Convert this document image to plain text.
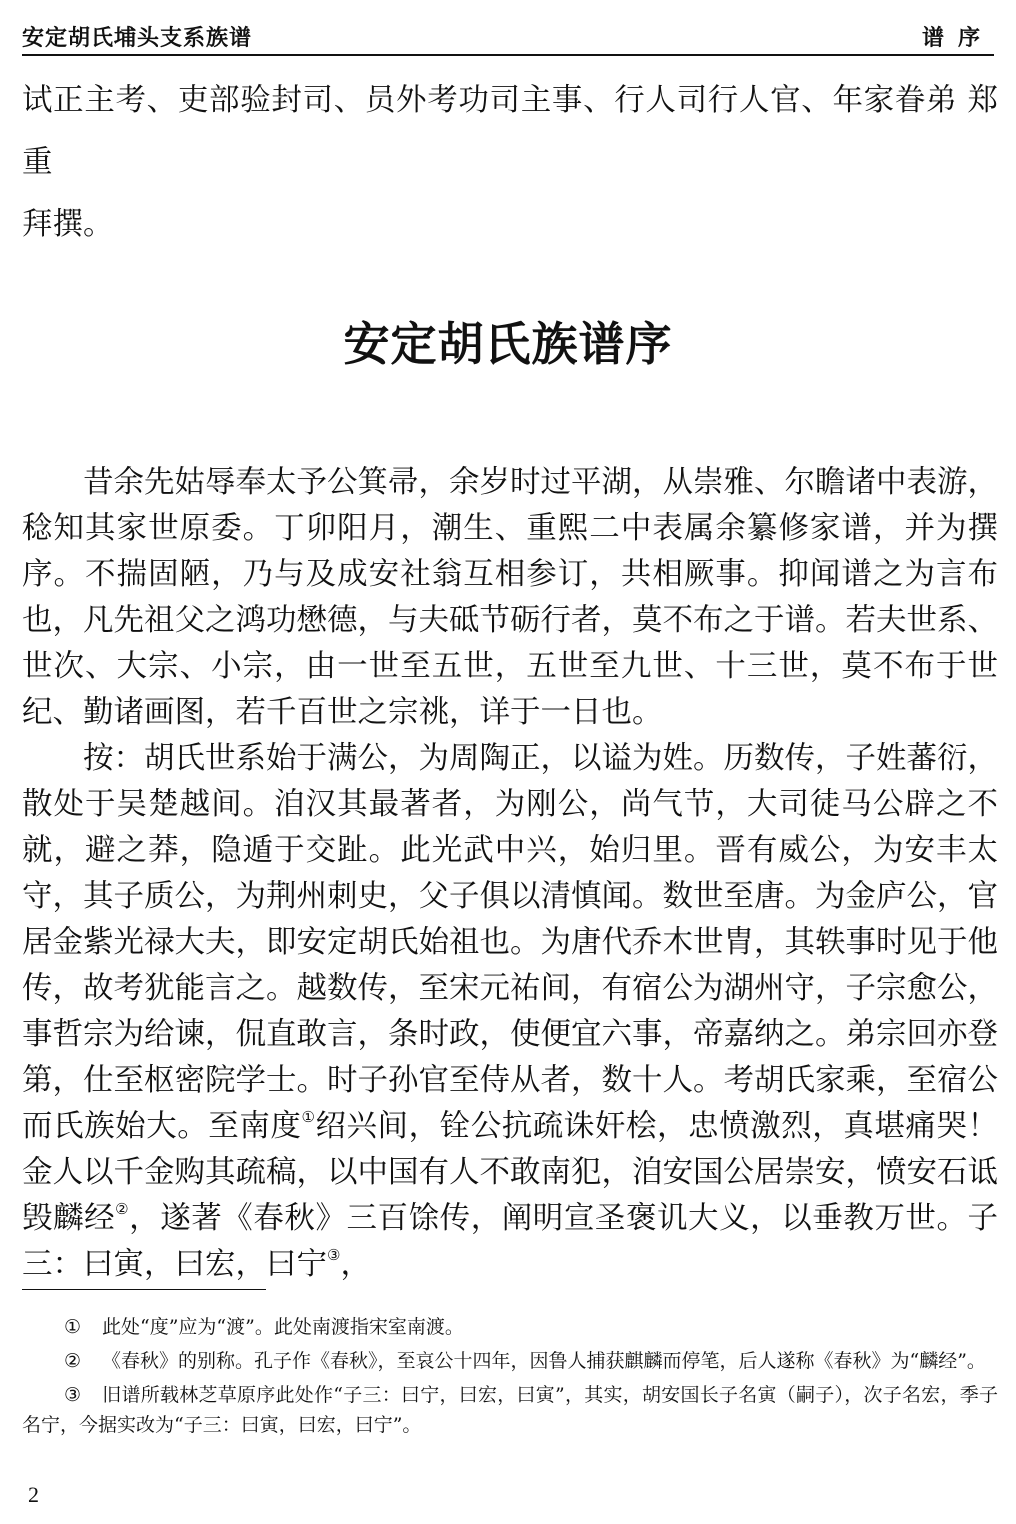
安定胡氏埔头支系族谱	谱序

试正主考、吏部验封司、员外考功司主事、行人司行人官、年家眷弟 郑重

拜撰。

安定胡氏族谱序

昔余先姑辱奉太予公箕帚，余岁时过平湖，从崇雅、尔瞻诸中表游，稔知其家世原委。丁卯阳月，潮生、重熙二中表属余纂修家谱，并为撰序。不揣固陋，乃与及成安社翁互相参订，共相厥事。抑闻谱之为言布也，凡先祖父之鸿功懋德，与夫砥节砺行者，莫不布之于谱。若夫世系、世次、大宗、小宗，由一世至五世，五世至九世、十三世，莫不布于世纪、勤诸画图，若千百世之宗祧，详于一日也。

按：胡氏世系始于满公，为周陶正，以谥为姓。历数传，子姓蕃衍，散处于吴楚越间。洎汉其最著者，为刚公，尚气节，大司徒马公辟之不就，避之莽，隐遁于交趾。此光武中兴，始归里。晋有威公，为安丰太守，其子质公，为荆州刺史，父子俱以清慎闻。数世至唐。为金庐公，官居金紫光禄大夫，即安定胡氏始祖也。为唐代乔木世胄，其轶事时见于他传，故考犹能言之。越数传，至宋元祐间，有宿公为湖州守，子宗愈公，事哲宗为给谏，侃直敢言，条时政，使便宜六事，帝嘉纳之。弟宗回亦登第，仕至枢密院学士。时子孙官至侍从者，数十人。考胡氏家乘，至宿公而氏族始大。至南度①绍兴间，铨公抗疏诛奸桧，忠愤激烈，真堪痛哭！金人以千金购其疏稿，以中国有人不敢南犯，洎安国公居崇安，愤安石诋毁麟经②，遂著《春秋》三百馀传，阐明宣圣褒讥大义，以垂教万世。子三：曰寅，曰宏，曰宁③，

① 此处“度”应为“渡”。此处南渡指宋室南渡。

② 《春秋》的别称。孔子作《春秋》，至哀公十四年，因鲁人捕获麒麟而停笔，后人遂称《春秋》为“麟经”。

③ 旧谱所载林芝草原序此处作“子三：曰宁，曰宏，曰寅”，其实，胡安国长子名寅（嗣子），次子名宏，季子名宁，今据实改为“子三：曰寅，曰宏，曰宁”。

2
